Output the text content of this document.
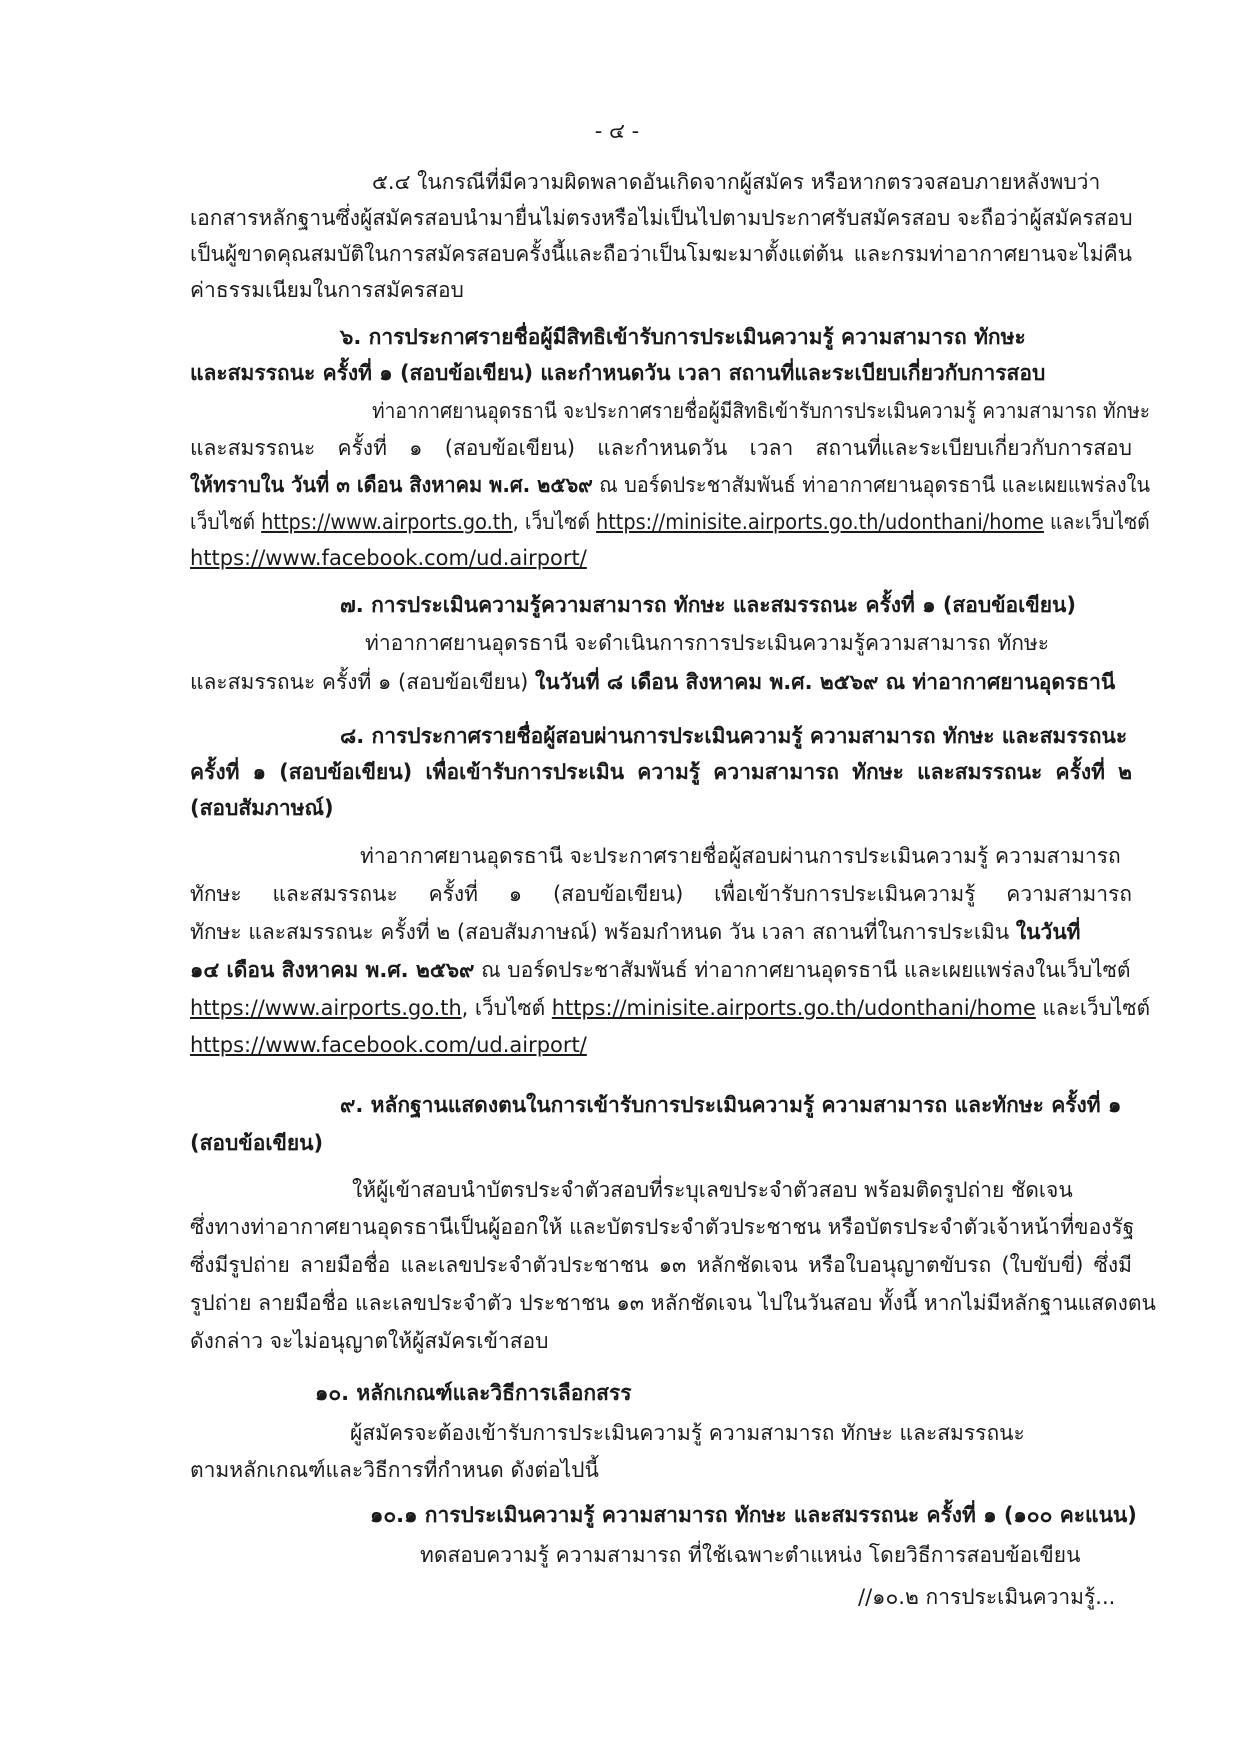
- ๔ -
๕.๔ ในกรณีที่มีความผิดพลาดอันเกิดจากผู้สมัคร หรือหากตรวจสอบภายหลังพบว่า
เอกสารหลักฐานซึ่งผู้สมัครสอบนำมายื่นไม่ตรงหรือไม่เป็นไปตามประกาศรับสมัครสอบ จะถือว่าผู้สมัครสอบ
เป็นผู้ขาดคุณสมบัติในการสมัครสอบครั้งนี้และถือว่าเป็นโมฆะมาตั้งแต่ต้น และกรมท่าอากาศยานจะไม่คืน
ค่าธรรมเนียมในการสมัครสอบ
๖. การประกาศรายชื่อผู้มีสิทธิเข้ารับการประเมินความรู้ ความสามารถ ทักษะ
และสมรรถนะ ครั้งที่ ๑ (สอบข้อเขียน) และกำหนดวัน เวลา สถานที่และระเบียบเกี่ยวกับการสอบ
ท่าอากาศยานอุดรธานี จะประกาศรายชื่อผู้มีสิทธิเข้ารับการประเมินความรู้ ความสามารถ ทักษะ
และสมรรถนะ ครั้งที่ ๑ (สอบข้อเขียน) และกำหนดวัน เวลา สถานที่และระเบียบเกี่ยวกับการสอบ
ให้ทราบใน วันที่ ๓ เดือน สิงหาคม พ.ศ. ๒๕๖๙ ณ บอร์ดประชาสัมพันธ์ ท่าอากาศยานอุดรธานี และเผยแพร่ลงใน
เว็บไซต์ https://www.airports.go.th, เว็บไซต์ https://minisite.airports.go.th/udonthani/home และเว็บไซต์
https://www.facebook.com/ud.airport/
๗. การประเมินความรู้ความสามารถ ทักษะ และสมรรถนะ ครั้งที่ ๑ (สอบข้อเขียน)
ท่าอากาศยานอุดรธานี จะดำเนินการการประเมินความรู้ความสามารถ ทักษะ
และสมรรถนะ ครั้งที่ ๑ (สอบข้อเขียน) ในวันที่ ๘ เดือน สิงหาคม พ.ศ. ๒๕๖๙ ณ ท่าอากาศยานอุดรธานี
๘. การประกาศรายชื่อผู้สอบผ่านการประเมินความรู้ ความสามารถ ทักษะ และสมรรถนะ
ครั้งที่ ๑ (สอบข้อเขียน) เพื่อเข้ารับการประเมิน ความรู้ ความสามารถ ทักษะ และสมรรถนะ ครั้งที่ ๒
(สอบสัมภาษณ์)
ท่าอากาศยานอุดรธานี จะประกาศรายชื่อผู้สอบผ่านการประเมินความรู้ ความสามารถ
ทักษะ และสมรรถนะ ครั้งที่ ๑ (สอบข้อเขียน) เพื่อเข้ารับการประเมินความรู้ ความสามารถ
ทักษะ และสมรรถนะ ครั้งที่ ๒ (สอบสัมภาษณ์) พร้อมกำหนด วัน เวลา สถานที่ในการประเมิน ในวันที่
๑๔ เดือน สิงหาคม พ.ศ. ๒๕๖๙ ณ บอร์ดประชาสัมพันธ์ ท่าอากาศยานอุดรธานี และเผยแพร่ลงในเว็บไซต์
https://www.airports.go.th, เว็บไซต์ https://minisite.airports.go.th/udonthani/home และเว็บไซต์
https://www.facebook.com/ud.airport/
๙. หลักฐานแสดงตนในการเข้ารับการประเมินความรู้ ความสามารถ และทักษะ ครั้งที่ ๑
(สอบข้อเขียน)
ให้ผู้เข้าสอบนำบัตรประจำตัวสอบที่ระบุเลขประจำตัวสอบ พร้อมติดรูปถ่าย ชัดเจน
ซึ่งทางท่าอากาศยานอุดรธานีเป็นผู้ออกให้ และบัตรประจำตัวประชาชน หรือบัตรประจำตัวเจ้าหน้าที่ของรัฐ
ซึ่งมีรูปถ่าย ลายมือชื่อ และเลขประจำตัวประชาชน ๑๓ หลักชัดเจน หรือใบอนุญาตขับรถ (ใบขับขี่) ซึ่งมี
รูปถ่าย ลายมือชื่อ และเลขประจำตัว ประชาชน ๑๓ หลักชัดเจน ไปในวันสอบ ทั้งนี้ หากไม่มีหลักฐานแสดงตน
ดังกล่าว จะไม่อนุญาตให้ผู้สมัครเข้าสอบ
๑๐. หลักเกณฑ์และวิธีการเลือกสรร
ผู้สมัครจะต้องเข้ารับการประเมินความรู้ ความสามารถ ทักษะ และสมรรถนะ
ตามหลักเกณฑ์และวิธีการที่กำหนด ดังต่อไปนี้
๑๐.๑ การประเมินความรู้ ความสามารถ ทักษะ และสมรรถนะ ครั้งที่ ๑ (๑๐๐ คะแนน)
ทดสอบความรู้ ความสามารถ ที่ใช้เฉพาะตำแหน่ง โดยวิธีการสอบข้อเขียน
//๑๐.๒ การประเมินความรู้...
